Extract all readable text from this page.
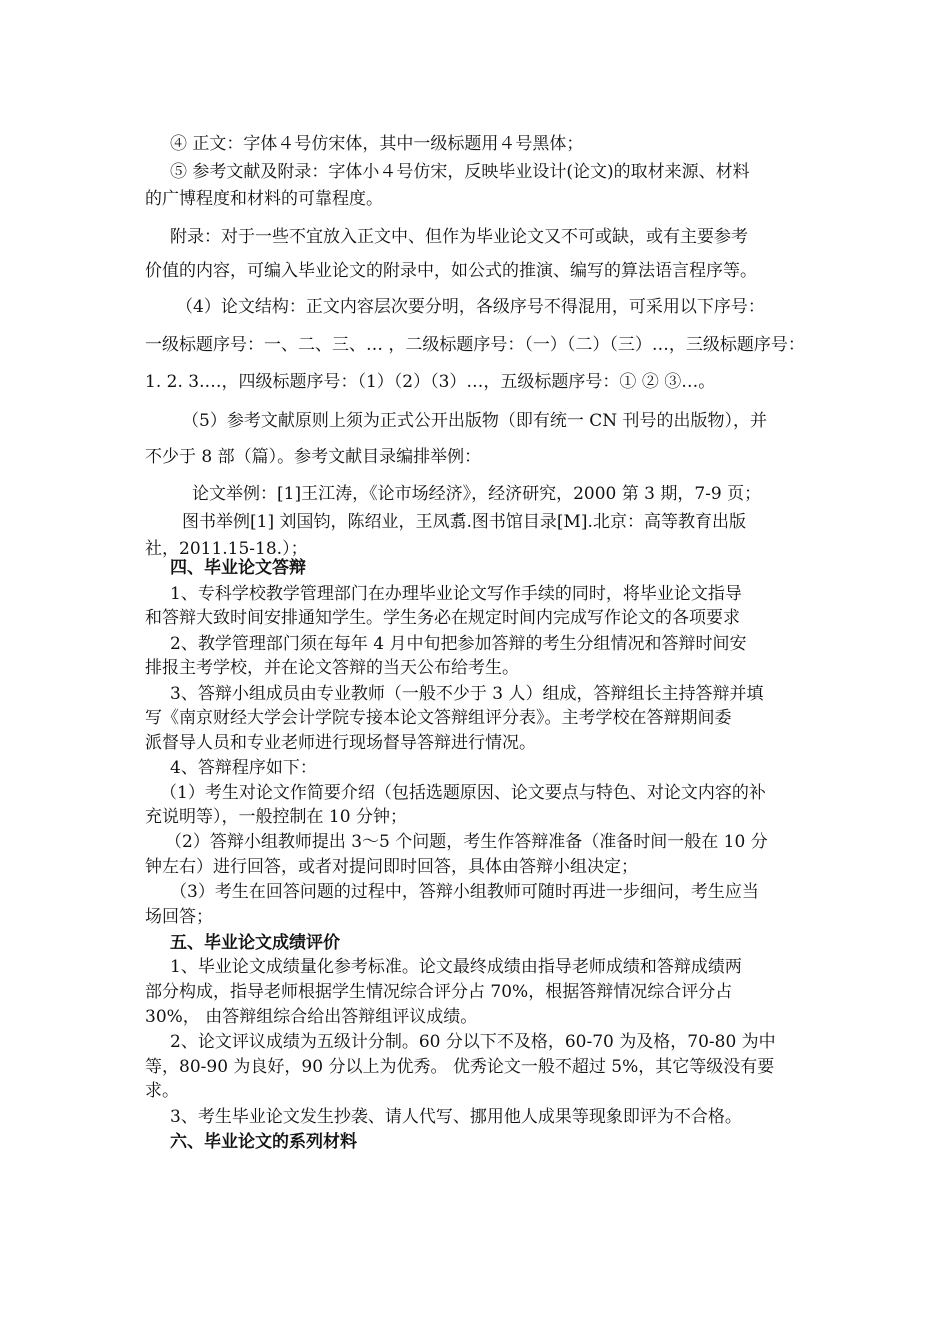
④ 正文：字体４号仿宋体，其中一级标题用４号黑体；
⑤ 参考文献及附录：字体小４号仿宋，反映毕业设计(论文)的取材来源、材料
的广博程度和材料的可靠程度。
附录：对于一些不宜放入正文中、但作为毕业论文又不可或缺，或有主要参考
价值的内容，可编入毕业论文的附录中，如公式的推演、编写的算法语言程序等。
（4）论文结构：正文内容层次要分明，各级序号不得混用，可采用以下序号：
一级标题序号：一、二、三、… ，二级标题序号：（一）（二）（三）…，三级标题序号：
1. 2. 3.…，四级标题序号：（1）（2）（3）…，五级标题序号：① ② ③…。
（5）参考文献原则上须为正式公开出版物（即有统一 CN 刊号的出版物），并
不少于 8 部（篇）。参考文献目录编排举例：
论文举例：[1]王江涛，《论市场经济》，经济研究，2000 第 3 期，7-9 页；
图书举例[1] 刘国钧，陈绍业，王凤翥.图书馆目录[M].北京：高等教育出版
社，2011.15-18.）；
四、毕业论文答辩
1、专科学校教学管理部门在办理毕业论文写作手续的同时，将毕业论文指导
和答辩大致时间安排通知学生。学生务必在规定时间内完成写作论文的各项要求
2、教学管理部门须在每年 4 月中旬把参加答辩的考生分组情况和答辩时间安
排报主考学校，并在论文答辩的当天公布给考生。
3、答辩小组成员由专业教师（一般不少于 3 人）组成，答辩组长主持答辩并填
写《南京财经大学会计学院专接本论文答辩组评分表》。主考学校在答辩期间委
派督导人员和专业老师进行现场督导答辩进行情况。
4、答辩程序如下：
（1）考生对论文作简要介绍（包括选题原因、论文要点与特色、对论文内容的补
充说明等），一般控制在 10 分钟；
（2）答辩小组教师提出 3～5 个问题，考生作答辩准备（准备时间一般在 10 分
钟左右）进行回答，或者对提问即时回答，具体由答辩小组决定；
（3）考生在回答问题的过程中，答辩小组教师可随时再进一步细问，考生应当
场回答；
五、毕业论文成绩评价
1、毕业论文成绩量化参考标准。论文最终成绩由指导老师成绩和答辩成绩两
部分构成，指导老师根据学生情况综合评分占 70%，根据答辩情况综合评分占
30%， 由答辩组综合给出答辩组评议成绩。
2、论文评议成绩为五级计分制。60 分以下不及格，60-70 为及格，70-80 为中
等，80-90 为良好，90 分以上为优秀。 优秀论文一般不超过 5%，其它等级没有要
求。
3、考生毕业论文发生抄袭、请人代写、挪用他人成果等现象即评为不合格。
六、毕业论文的系列材料
